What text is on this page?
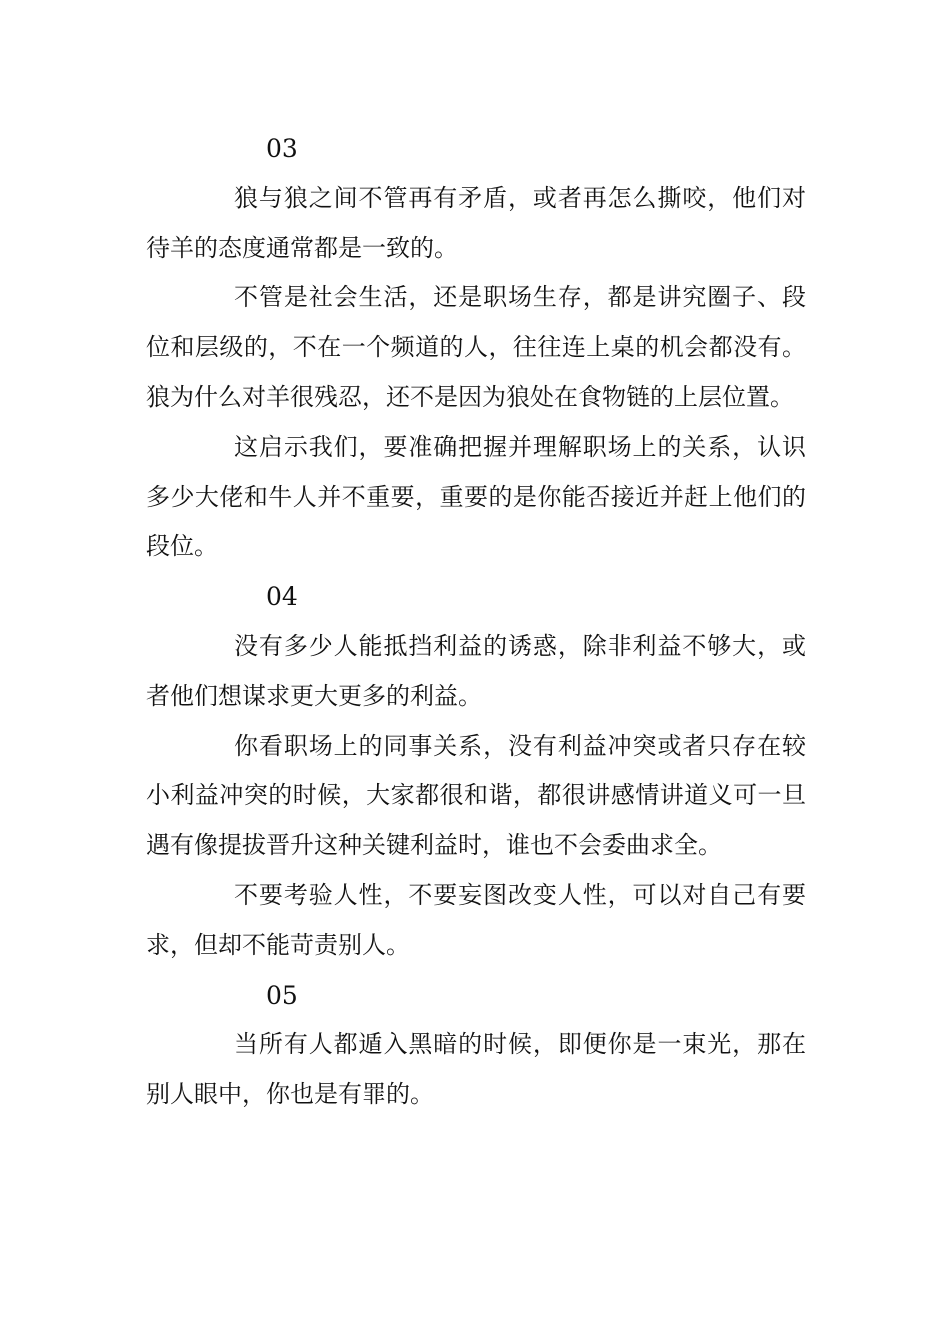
03

狼与狼之间不管再有矛盾，或者再怎么撕咬，他们对待羊的态度通常都是一致的。

不管是社会生活，还是职场生存，都是讲究圈子、段位和层级的，不在一个频道的人，往往连上桌的机会都没有。狼为什么对羊很残忍，还不是因为狼处在食物链的上层位置。

这启示我们，要准确把握并理解职场上的关系，认识多少大佬和牛人并不重要，重要的是你能否接近并赶上他们的段位。

04

没有多少人能抵挡利益的诱惑，除非利益不够大，或者他们想谋求更大更多的利益。

你看职场上的同事关系，没有利益冲突或者只存在较小利益冲突的时候，大家都很和谐，都很讲感情讲道义可一旦遇有像提拔晋升这种关键利益时，谁也不会委曲求全。

不要考验人性，不要妄图改变人性，可以对自己有要求，但却不能苛责别人。

05

当所有人都遁入黑暗的时候，即便你是一束光，那在别人眼中，你也是有罪的。
